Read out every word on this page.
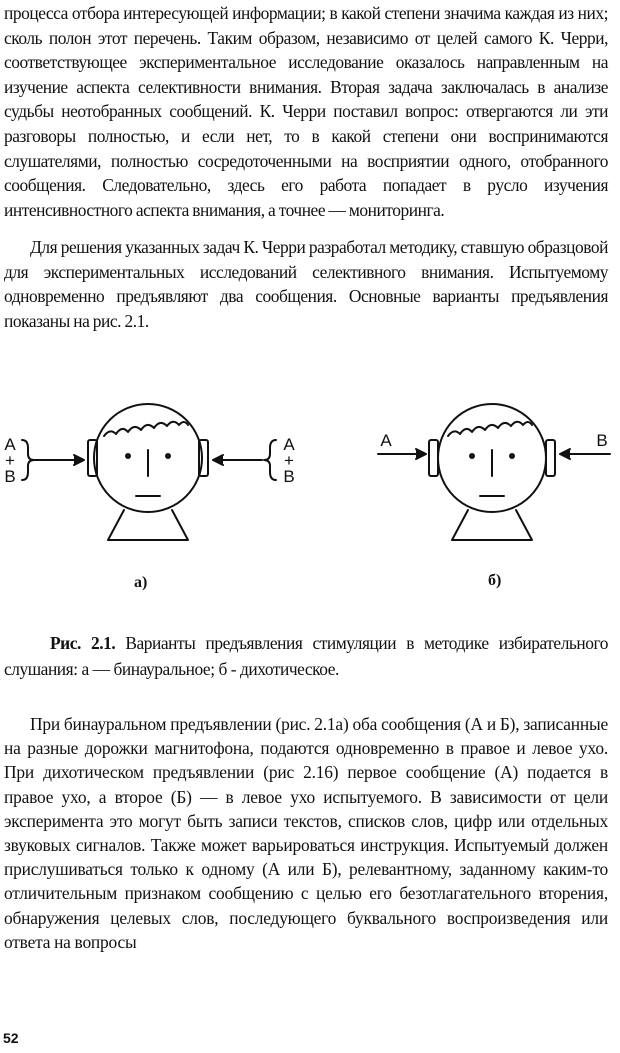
процесса отбора интересующей информации; в какой степени значима каждая из них; сколь полон этот перечень. Таким образом, независимо от целей самого К. Черри, соответствующее экспериментальное исследование оказалось направленным на изучение аспекта селективности внимания. Вторая задача заключалась в анализе судьбы неотобранных сообщений. К. Черри поставил вопрос: отвергаются ли эти разговоры полностью, и если нет, то в какой степени они воспринимаются слушателями, полностью сосредоточенными на восприятии одного, отобранного сообщения. Следовательно, здесь его работа попадает в русло изучения интенсивностного аспекта внимания, а точнее — мониторинга.

Для решения указанных задач К. Черри разработал методику, ставшую образцовой для экспериментальных исследований селективного внимания. Испытуемому одновременно предъявляют два сообщения. Основные варианты предъявления показаны на рис. 2.1.

A
+
B
A
+
B
A	B
а)	б)

Рис. 2.1. Варианты предъявления стимуляции в методике избирательного слушания: а — бинауральное; б - дихотическое.

При бинауральном предъявлении (рис. 2.1а) оба сообщения (А и Б), записанные на разные дорожки магнитофона, подаются одновременно в правое и левое ухо. При дихотическом предъявлении (рис 2.16) первое сообщение (А) подается в правое ухо, а второе (Б) — в левое ухо испытуемого. В зависимости от цели эксперимента это могут быть записи текстов, списков слов, цифр или отдельных звуковых сигналов. Также может варьироваться инструкция. Испытуемый должен прислушиваться только к одному (А или Б), релевантному, заданному каким-то отличительным признаком сообщению с целью его безотлагательного вторения, обнаружения целевых слов, последующего буквального воспроизведения или ответа на вопросы

52
